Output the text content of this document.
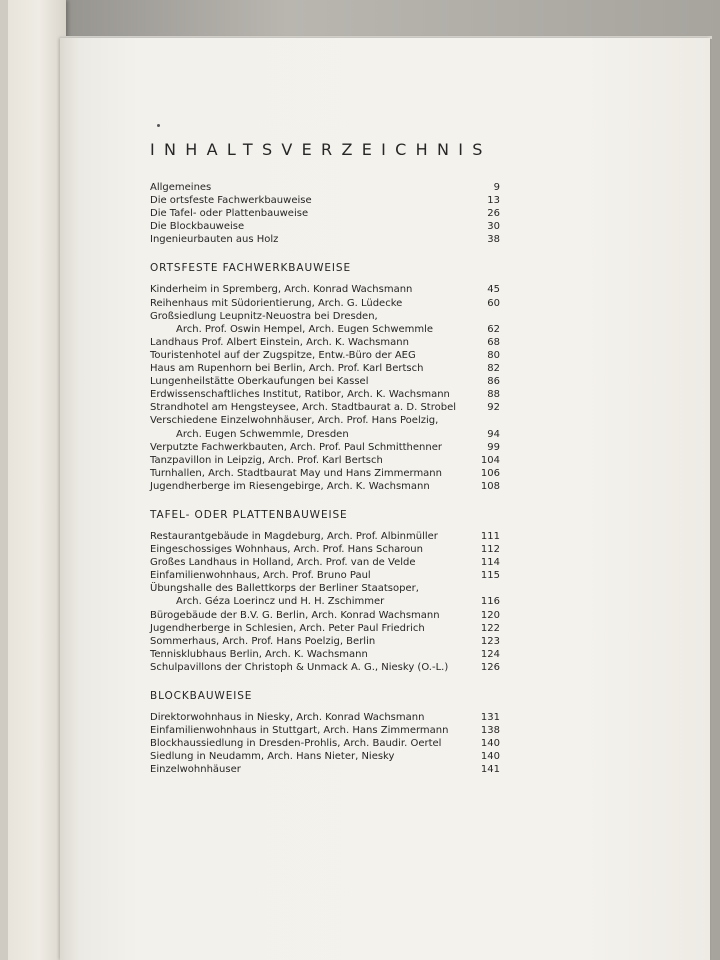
INHALTSVERZEICHNIS
Allgemeines	9
Die ortsfeste Fachwerkbauweise	13
Die Tafel- oder Plattenbauweise	26
Die Blockbauweise	30
Ingenieurbauten aus Holz	38
ORTSFESTE FACHWERKBAUWEISE
Kinderheim in Spremberg, Arch. Konrad Wachsmann	45
Reihenhaus mit Südorientierung, Arch. G. Lüdecke	60
Großsiedlung Leupnitz-Neuostra bei Dresden,
Arch. Prof. Oswin Hempel, Arch. Eugen Schwemmle	62
Landhaus Prof. Albert Einstein, Arch. K. Wachsmann	68
Touristenhotel auf der Zugspitze, Entw.-Büro der AEG	80
Haus am Rupenhorn bei Berlin, Arch. Prof. Karl Bertsch	82
Lungenheilstätte Oberkaufungen bei Kassel	86
Erdwissenschaftliches Institut, Ratibor, Arch. K. Wachsmann	88
Strandhotel am Hengsteysee, Arch. Stadtbaurat a. D. Strobel	92
Verschiedene Einzelwohnhäuser, Arch. Prof. Hans Poelzig,
Arch. Eugen Schwemmle, Dresden	94
Verputzte Fachwerkbauten, Arch. Prof. Paul Schmitthenner	99
Tanzpavillon in Leipzig, Arch. Prof. Karl Bertsch	104
Turnhallen, Arch. Stadtbaurat May und Hans Zimmermann	106
Jugendherberge im Riesengebirge, Arch. K. Wachsmann	108
TAFEL- ODER PLATTENBAUWEISE
Restaurantgebäude in Magdeburg, Arch. Prof. Albinmüller	111
Eingeschossiges Wohnhaus, Arch. Prof. Hans Scharoun	112
Großes Landhaus in Holland, Arch. Prof. van de Velde	114
Einfamilienwohnhaus, Arch. Prof. Bruno Paul	115
Übungshalle des Ballettkorps der Berliner Staatsoper,
Arch. Géza Loerincz und H. H. Zschimmer	116
Bürogebäude der B.V. G. Berlin, Arch. Konrad Wachsmann	120
Jugendherberge in Schlesien, Arch. Peter Paul Friedrich	122
Sommerhaus, Arch. Prof. Hans Poelzig, Berlin	123
Tennisklubhaus Berlin, Arch. K. Wachsmann	124
Schulpavillons der Christoph & Unmack A. G., Niesky (O.-L.)	126
BLOCKBAUWEISE
Direktorwohnhaus in Niesky, Arch. Konrad Wachsmann	131
Einfamilienwohnhaus in Stuttgart, Arch. Hans Zimmermann	138
Blockhaussiedlung in Dresden-Prohlis, Arch. Baudir. Oertel	140
Siedlung in Neudamm, Arch. Hans Nieter, Niesky	140
Einzelwohnhäuser	141
